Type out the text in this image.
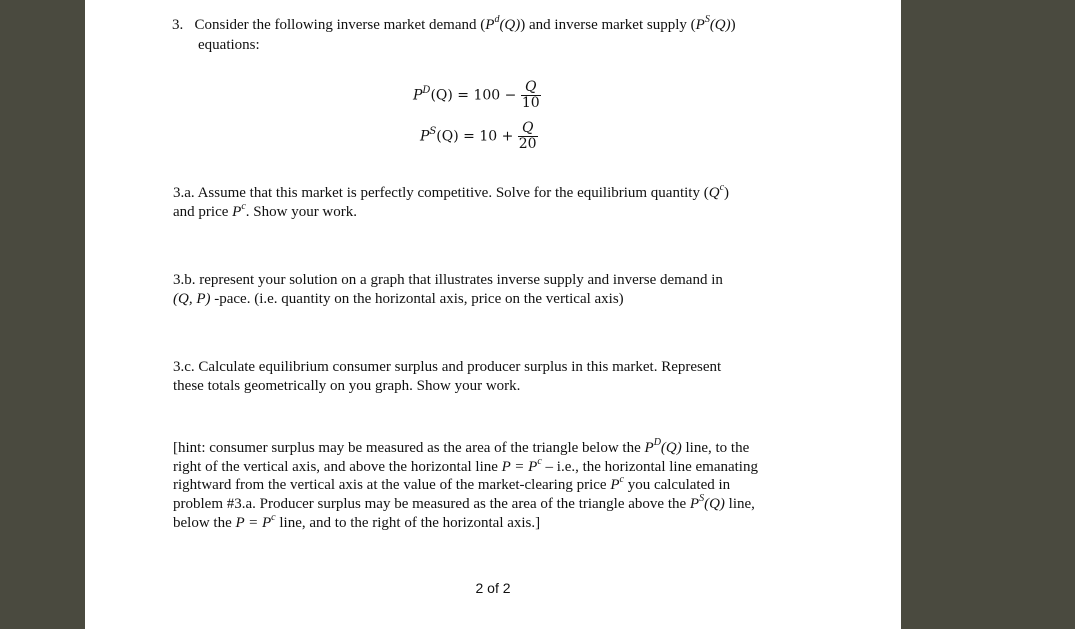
3. Consider the following inverse market demand $(P^d(Q))$ and inverse market supply $(P^S(Q))$
equations:
$P^D(Q) = 100 - \frac{Q}{10}$
$P^S(Q) = 10 + \frac{Q}{20}$
3.a. Assume that this market is perfectly competitive. Solve for the equilibrium quantity $(Q^c)$
and price $P^c$. Show your work.
3.b. represent your solution on a graph that illustrates inverse supply and inverse demand in
(Q, P) -pace. (i.e. quantity on the horizontal axis, price on the vertical axis)
3.c. Calculate equilibrium consumer surplus and producer surplus in this market. Represent
these totals geometrically on you graph. Show your work.
[hint: consumer surplus may be measured as the area of the triangle below the $P^D(Q)$ line, to the
right of the vertical axis, and above the horizontal line $P = P^c - i.e$., the horizontal line emanating
rightward from the vertical axis at the value of the market-clearing price $P^c$ you calculated in
problem #3.a. Producer surplus may be measured as the area of the triangle above the $P^S(Q)$ line,
below the $P = P^c$ line, and to the right of the horizontal axis.]
2 of 2
